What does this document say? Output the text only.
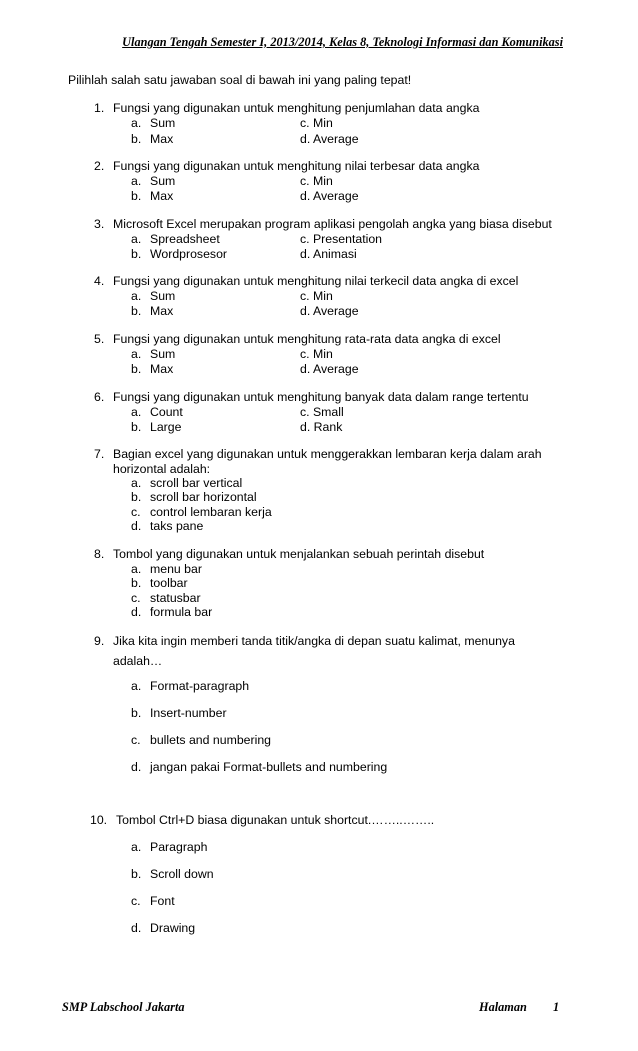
Ulangan Tengah Semester I, 2013/2014, Kelas 8, Teknologi Informasi dan Komunikasi
Pilihlah salah satu jawaban soal di bawah ini yang paling tepat!
1. Fungsi yang digunakan untuk menghitung penjumlahan data angka
a. Sum	c. Min
b. Max	d. Average
2. Fungsi yang digunakan untuk menghitung nilai terbesar data angka
a. Sum	c. Min
b. Max	d. Average
3. Microsoft Excel merupakan program aplikasi pengolah angka yang biasa disebut
a. Spreadsheet	c. Presentation
b. Wordprosesor	d. Animasi
4. Fungsi yang digunakan untuk menghitung nilai terkecil data angka di excel
a. Sum	c. Min
b. Max	d. Average
5. Fungsi yang digunakan untuk menghitung rata-rata data angka di excel
a. Sum	c. Min
b. Max	d. Average
6. Fungsi yang digunakan untuk menghitung banyak data dalam range tertentu
a. Count	c. Small
b. Large	d. Rank
7. Bagian excel yang digunakan untuk menggerakkan lembaran kerja dalam arah
horizontal adalah:
a. scroll bar vertical
b. scroll bar horizontal
c. control lembaran kerja
d. taks pane
8. Tombol yang digunakan untuk menjalankan sebuah perintah disebut
a. menu bar
b. toolbar
c. statusbar
d. formula bar
9. Jika kita ingin memberi tanda titik/angka di depan suatu kalimat, menunya
adalah…
a. Format-paragraph
b. Insert-number
c. bullets and numbering
d. jangan pakai Format-bullets and numbering
10. Tombol Ctrl+D biasa digunakan untuk shortcut.……..……..
a. Paragraph
b. Scroll down
c. Font
d. Drawing
SMP Labschool Jakarta	Halaman 1
